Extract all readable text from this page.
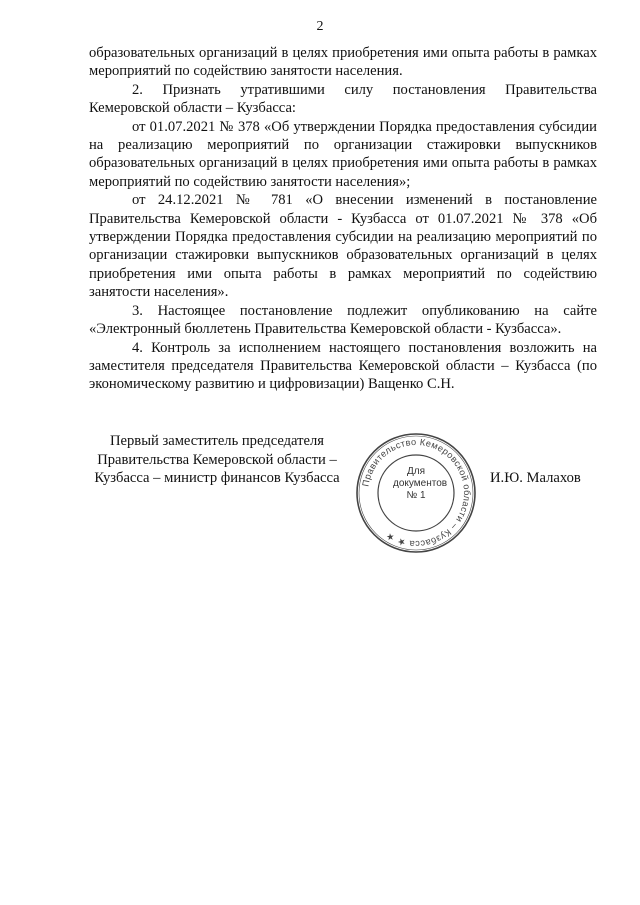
2

образовательных организаций в целях приобретения ими опыта работы в рамках мероприятий по содействию занятости населения.

2. Признать утратившими силу постановления Правительства Кемеровской области – Кузбасса:

от 01.07.2021 № 378 «Об утверждении Порядка предоставления субсидии на реализацию мероприятий по организации стажировки выпускников образовательных организаций в целях приобретения ими опыта работы в рамках мероприятий по содействию занятости населения»;

от 24.12.2021 № 781 «О внесении изменений в постановление Правительства Кемеровской области - Кузбасса от 01.07.2021 № 378 «Об утверждении Порядка предоставления субсидии на реализацию мероприятий по организации стажировки выпускников образовательных организаций в целях приобретения ими опыта работы в рамках мероприятий по содействию занятости населения».

3. Настоящее постановление подлежит опубликованию на сайте «Электронный бюллетень Правительства Кемеровской области - Кузбасса».

4. Контроль за исполнением настоящего постановления возложить на заместителя председателя Правительства Кемеровской области – Кузбасса (по экономическому развитию и цифровизации) Ващенко С.Н.

Первый заместитель председателя
Правительства Кемеровской области –
Кузбасса – министр финансов Кузбасса	Правительство Кемеровской области – Кузбасса ★ ★
Для
документов
№ 1
И.Ю. Малахов
